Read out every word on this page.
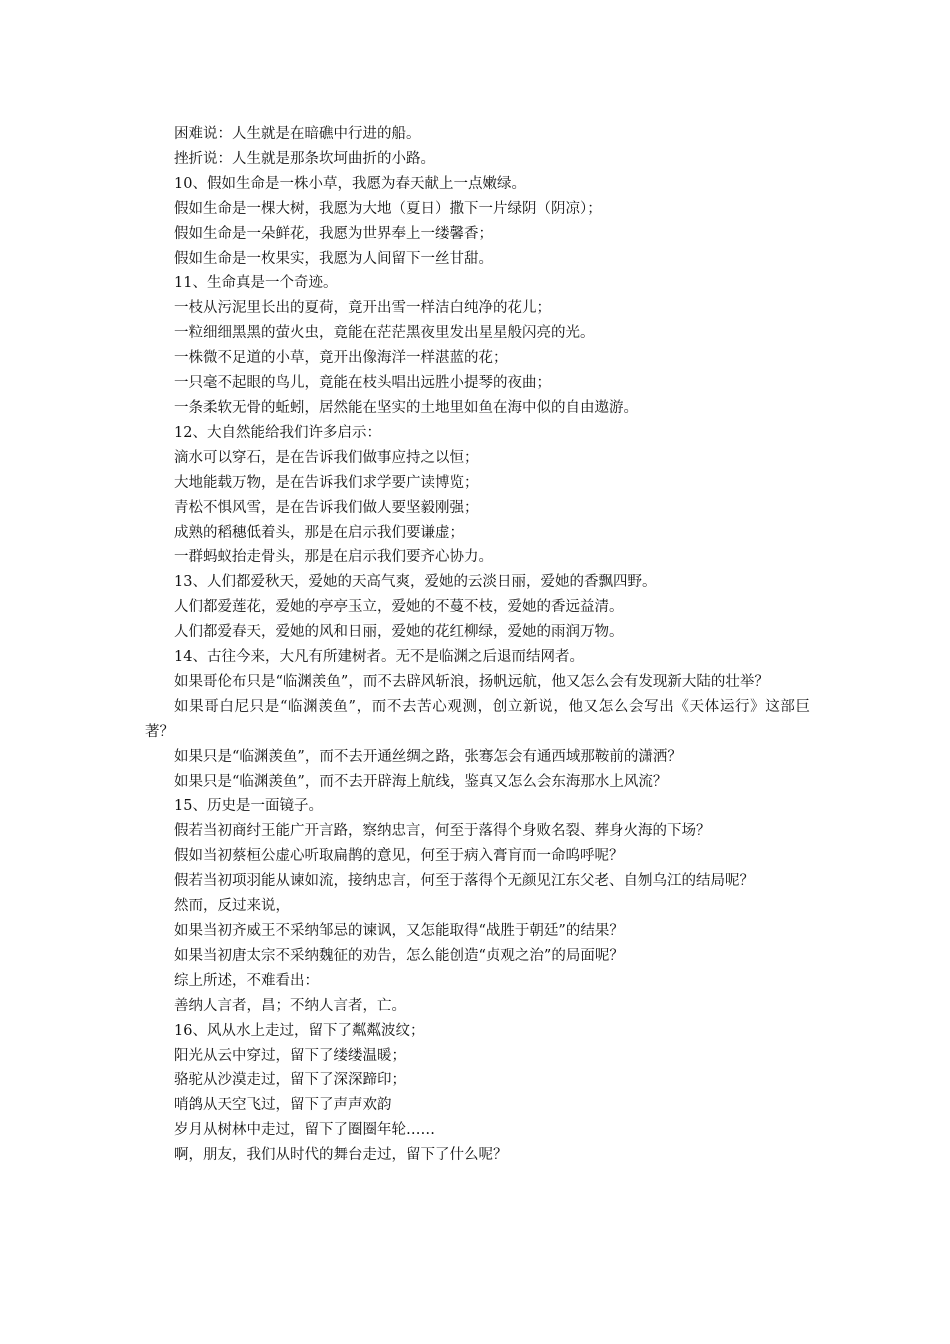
困难说：人生就是在暗礁中行进的船。
挫折说：人生就是那条坎坷曲折的小路。
10、假如生命是一株小草，我愿为春天献上一点嫩绿。
假如生命是一棵大树，我愿为大地（夏日）撒下一片绿阴（阴凉）；
假如生命是一朵鲜花，我愿为世界奉上一缕馨香；
假如生命是一枚果实，我愿为人间留下一丝甘甜。
11、生命真是一个奇迹。
一枝从污泥里长出的夏荷，竟开出雪一样洁白纯净的花儿；
一粒细细黑黑的萤火虫，竟能在茫茫黑夜里发出星星般闪亮的光。
一株微不足道的小草，竟开出像海洋一样湛蓝的花；
一只毫不起眼的鸟儿，竟能在枝头唱出远胜小提琴的夜曲；
一条柔软无骨的蚯蚓，居然能在坚实的土地里如鱼在海中似的自由遨游。
12、大自然能给我们许多启示：
滴水可以穿石，是在告诉我们做事应持之以恒；
大地能载万物，是在告诉我们求学要广读博览；
青松不惧风雪，是在告诉我们做人要坚毅刚强；
成熟的稻穗低着头，那是在启示我们要谦虚；
一群蚂蚁抬走骨头，那是在启示我们要齐心协力。
13、人们都爱秋天，爱她的天高气爽，爱她的云淡日丽，爱她的香飘四野。
人们都爱莲花，爱她的亭亭玉立，爱她的不蔓不枝，爱她的香远益清。
人们都爱春天，爱她的风和日丽，爱她的花红柳绿，爱她的雨润万物。
14、古往今来，大凡有所建树者。无不是临渊之后退而结网者。
如果哥伦布只是“临渊羡鱼”，而不去辟风斩浪，扬帆远航，他又怎么会有发现新大陆的壮举？
如果哥白尼只是“临渊羡鱼”，而不去苦心观测，创立新说，他又怎么会写出《天体运行》这部巨著？
如果只是“临渊羡鱼”，而不去开通丝绸之路，张骞怎会有通西域那鞍前的潇洒？
如果只是“临渊羡鱼”，而不去开辟海上航线，鉴真又怎么会东海那水上风流？
15、历史是一面镜子。
假若当初商纣王能广开言路，察纳忠言，何至于落得个身败名裂、葬身火海的下场？
假如当初蔡桓公虚心听取扁鹊的意见，何至于病入膏肓而一命呜呼呢？
假若当初项羽能从谏如流，接纳忠言，何至于落得个无颜见江东父老、自刎乌江的结局呢？
然而，反过来说，
如果当初齐威王不采纳邹忌的谏讽，又怎能取得“战胜于朝廷”的结果？
如果当初唐太宗不采纳魏征的劝告，怎么能创造“贞观之治”的局面呢？
综上所述，不难看出：
善纳人言者，昌；不纳人言者，亡。
16、风从水上走过，留下了粼粼波纹；
阳光从云中穿过，留下了缕缕温暖；
骆驼从沙漠走过，留下了深深蹄印；
哨鸽从天空飞过，留下了声声欢韵
岁月从树林中走过，留下了圈圈年轮……
啊，朋友，我们从时代的舞台走过，留下了什么呢？
